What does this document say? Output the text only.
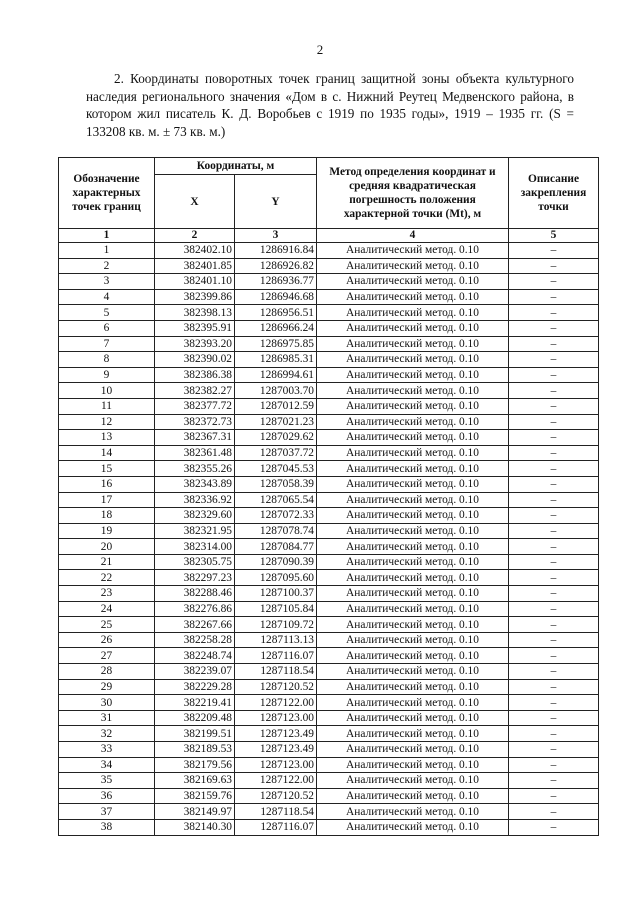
2

2. Координаты поворотных точек границ защитной зоны объекта культурного наследия регионального значения «Дом в с. Нижний Реутец Медвенского района, в котором жил писатель К. Д. Воробьев с 1919 по 1935 годы», 1919 – 1935 гг. (S = 133208 кв. м. ± 73 кв. м.)

Обозначение характерных точек границ	Координаты, м		Метод определения координат и средняя квадратическая погрешность положения характерной точки (Mt), м	Описание закрепления точки
	X	Y		
1	2	3	4	5
1	382402.10	1286916.84	Аналитический метод. 0.10	–
2	382401.85	1286926.82	Аналитический метод. 0.10	–
3	382401.10	1286936.77	Аналитический метод. 0.10	–
4	382399.86	1286946.68	Аналитический метод. 0.10	–
5	382398.13	1286956.51	Аналитический метод. 0.10	–
6	382395.91	1286966.24	Аналитический метод. 0.10	–
7	382393.20	1286975.85	Аналитический метод. 0.10	–
8	382390.02	1286985.31	Аналитический метод. 0.10	–
9	382386.38	1286994.61	Аналитический метод. 0.10	–
10	382382.27	1287003.70	Аналитический метод. 0.10	–
11	382377.72	1287012.59	Аналитический метод. 0.10	–
12	382372.73	1287021.23	Аналитический метод. 0.10	–
13	382367.31	1287029.62	Аналитический метод. 0.10	–
14	382361.48	1287037.72	Аналитический метод. 0.10	–
15	382355.26	1287045.53	Аналитический метод. 0.10	–
16	382343.89	1287058.39	Аналитический метод. 0.10	–
17	382336.92	1287065.54	Аналитический метод. 0.10	–
18	382329.60	1287072.33	Аналитический метод. 0.10	–
19	382321.95	1287078.74	Аналитический метод. 0.10	–
20	382314.00	1287084.77	Аналитический метод. 0.10	–
21	382305.75	1287090.39	Аналитический метод. 0.10	–
22	382297.23	1287095.60	Аналитический метод. 0.10	–
23	382288.46	1287100.37	Аналитический метод. 0.10	–
24	382276.86	1287105.84	Аналитический метод. 0.10	–
25	382267.66	1287109.72	Аналитический метод. 0.10	–
26	382258.28	1287113.13	Аналитический метод. 0.10	–
27	382248.74	1287116.07	Аналитический метод. 0.10	–
28	382239.07	1287118.54	Аналитический метод. 0.10	–
29	382229.28	1287120.52	Аналитический метод. 0.10	–
30	382219.41	1287122.00	Аналитический метод. 0.10	–
31	382209.48	1287123.00	Аналитический метод. 0.10	–
32	382199.51	1287123.49	Аналитический метод. 0.10	–
33	382189.53	1287123.49	Аналитический метод. 0.10	–
34	382179.56	1287123.00	Аналитический метод. 0.10	–
35	382169.63	1287122.00	Аналитический метод. 0.10	–
36	382159.76	1287120.52	Аналитический метод. 0.10	–
37	382149.97	1287118.54	Аналитический метод. 0.10	–
38	382140.30	1287116.07	Аналитический метод. 0.10	–
